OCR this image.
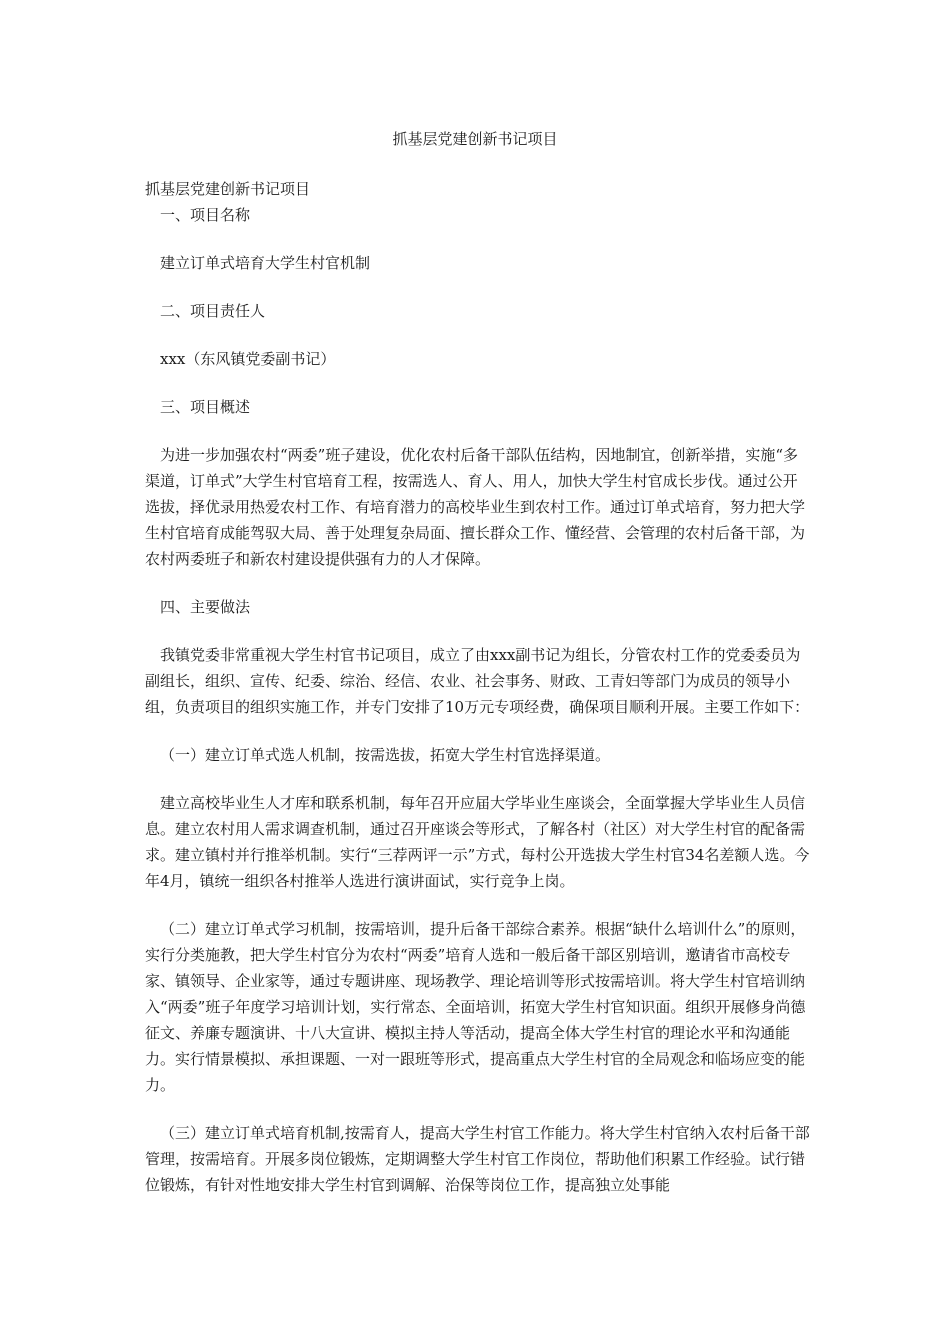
抓基层党建创新书记项目

抓基层党建创新书记项目

一、项目名称

建立订单式培育大学生村官机制

二、项目责任人

xxx（东风镇党委副书记）

三、项目概述

为进一步加强农村“两委”班子建设，优化农村后备干部队伍结构，因地制宜，创新举措，实施“多渠道，订单式”大学生村官培育工程，按需选人、育人、用人，加快大学生村官成长步伐。通过公开选拔，择优录用热爱农村工作、有培育潜力的高校毕业生到农村工作。通过订单式培育，努力把大学生村官培育成能驾驭大局、善于处理复杂局面、擅长群众工作、懂经营、会管理的农村后备干部，为农村两委班子和新农村建设提供强有力的人才保障。

四、主要做法

我镇党委非常重视大学生村官书记项目，成立了由xxx副书记为组长，分管农村工作的党委委员为副组长，组织、宣传、纪委、综治、经信、农业、社会事务、财政、工青妇等部门为成员的领导小组，负责项目的组织实施工作，并专门安排了10万元专项经费，确保项目顺利开展。主要工作如下：

（一）建立订单式选人机制，按需选拔，拓宽大学生村官选择渠道。

建立高校毕业生人才库和联系机制，每年召开应届大学毕业生座谈会，全面掌握大学毕业生人员信息。建立农村用人需求调查机制，通过召开座谈会等形式，了解各村（社区）对大学生村官的配备需求。建立镇村并行推举机制。实行“三荐两评一示”方式，每村公开选拔大学生村官34名差额人选。今年4月，镇统一组织各村推举人选进行演讲面试，实行竞争上岗。

（二）建立订单式学习机制，按需培训，提升后备干部综合素养。根据“缺什么培训什么”的原则，实行分类施教，把大学生村官分为农村“两委”培育人选和一般后备干部区别培训，邀请省市高校专家、镇领导、企业家等，通过专题讲座、现场教学、理论培训等形式按需培训。将大学生村官培训纳入“两委”班子年度学习培训计划，实行常态、全面培训，拓宽大学生村官知识面。组织开展修身尚德征文、养廉专题演讲、十八大宣讲、模拟主持人等活动，提高全体大学生村官的理论水平和沟通能力。实行情景模拟、承担课题、一对一跟班等形式，提高重点大学生村官的全局观念和临场应变的能力。

（三）建立订单式培育机制,按需育人，提高大学生村官工作能力。将大学生村官纳入农村后备干部管理，按需培育。开展多岗位锻炼，定期调整大学生村官工作岗位，帮助他们积累工作经验。试行错位锻炼，有针对性地安排大学生村官到调解、治保等岗位工作，提高独立处事能
